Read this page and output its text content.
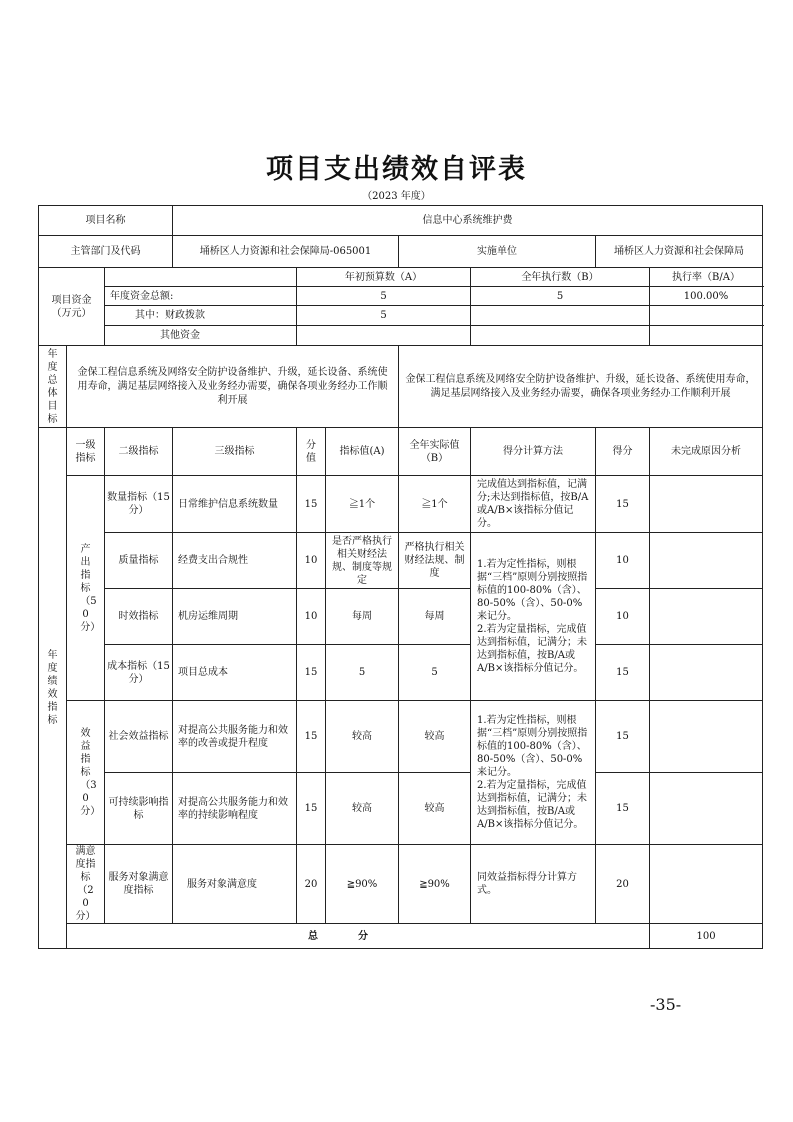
项目支出绩效自评表
（2023 年度）
项目名称			信息中心系统维护费							
主管部门及代码			埇桥区人力资源和社会保障局-065001			实施单位		埇桥区人力资源和社会保障局		

项目资金
（万元）				年初预算数（A）			全年执行数（B）		执行率（B/A）	
		年度资金总额:		5			5		100.00%	
		其中：财政拨款		5						
		其他资金								
年度总体目标	金保工程信息系统及网络安全防护设备维护、升级，延长设备、系统使用寿命，满足基层网络接入及业务经办需要，确保各项业务经办工作顺利开展					金保工程信息系统及网络安全防护设备维护、升级，延长设备、系统使用寿命，满足基层网络接入及业务经办需要，确保各项业务经办工作顺利开展				
年度绩效指标	一级指标	二级指标	三级指标	分值	指标值(A)	全年实际值（B）	得分计算方法	得分	未完成原因分析	
	产出指标（50分）	数量指标（15分）	日常维护信息系统数量	15	≧1个	≧1个	完成值达到指标值，记满分;未达到指标值，按B/A或A/B×该指标分值记分。	15		
		质量指标	经费支出合规性	10	是否严格执行相关财经法规、制度等规定	严格执行相关财经法规、制度	1.若为定性指标，则根据“三档”原则分别按照指标值的100-80%（含）、80-50%（含）、50-0%来记分。
2.若为定量指标，完成值达到指标值，记满分；未达到指标值，按B/A或A/B×该指标分值记分。	10		
		时效指标	机房运维周期	10	每周	每周		10		
		成本指标（15分）	项目总成本	15	5	5		15		
	效益指标（30分）	社会效益指标	对提高公共服务能力和效率的改善或提升程度	15	较高	较高	1.若为定性指标，则根据“三档”原则分别按照指标值的100-80%（含）、80-50%（含）、50-0%来记分。
2.若为定量指标，完成值达到指标值，记满分；未达到指标值，按B/A或A/B×该指标分值记分。	15		
		可持续影响指标	对提高公共服务能力和效率的持续影响程度	15	较高	较高		15		
	满意度指标（20分）	服务对象满意度指标	服务对象满意度	20	≧90%	≧90%	同效益指标得分计算方式。	20		
	总分								100	
-35-
